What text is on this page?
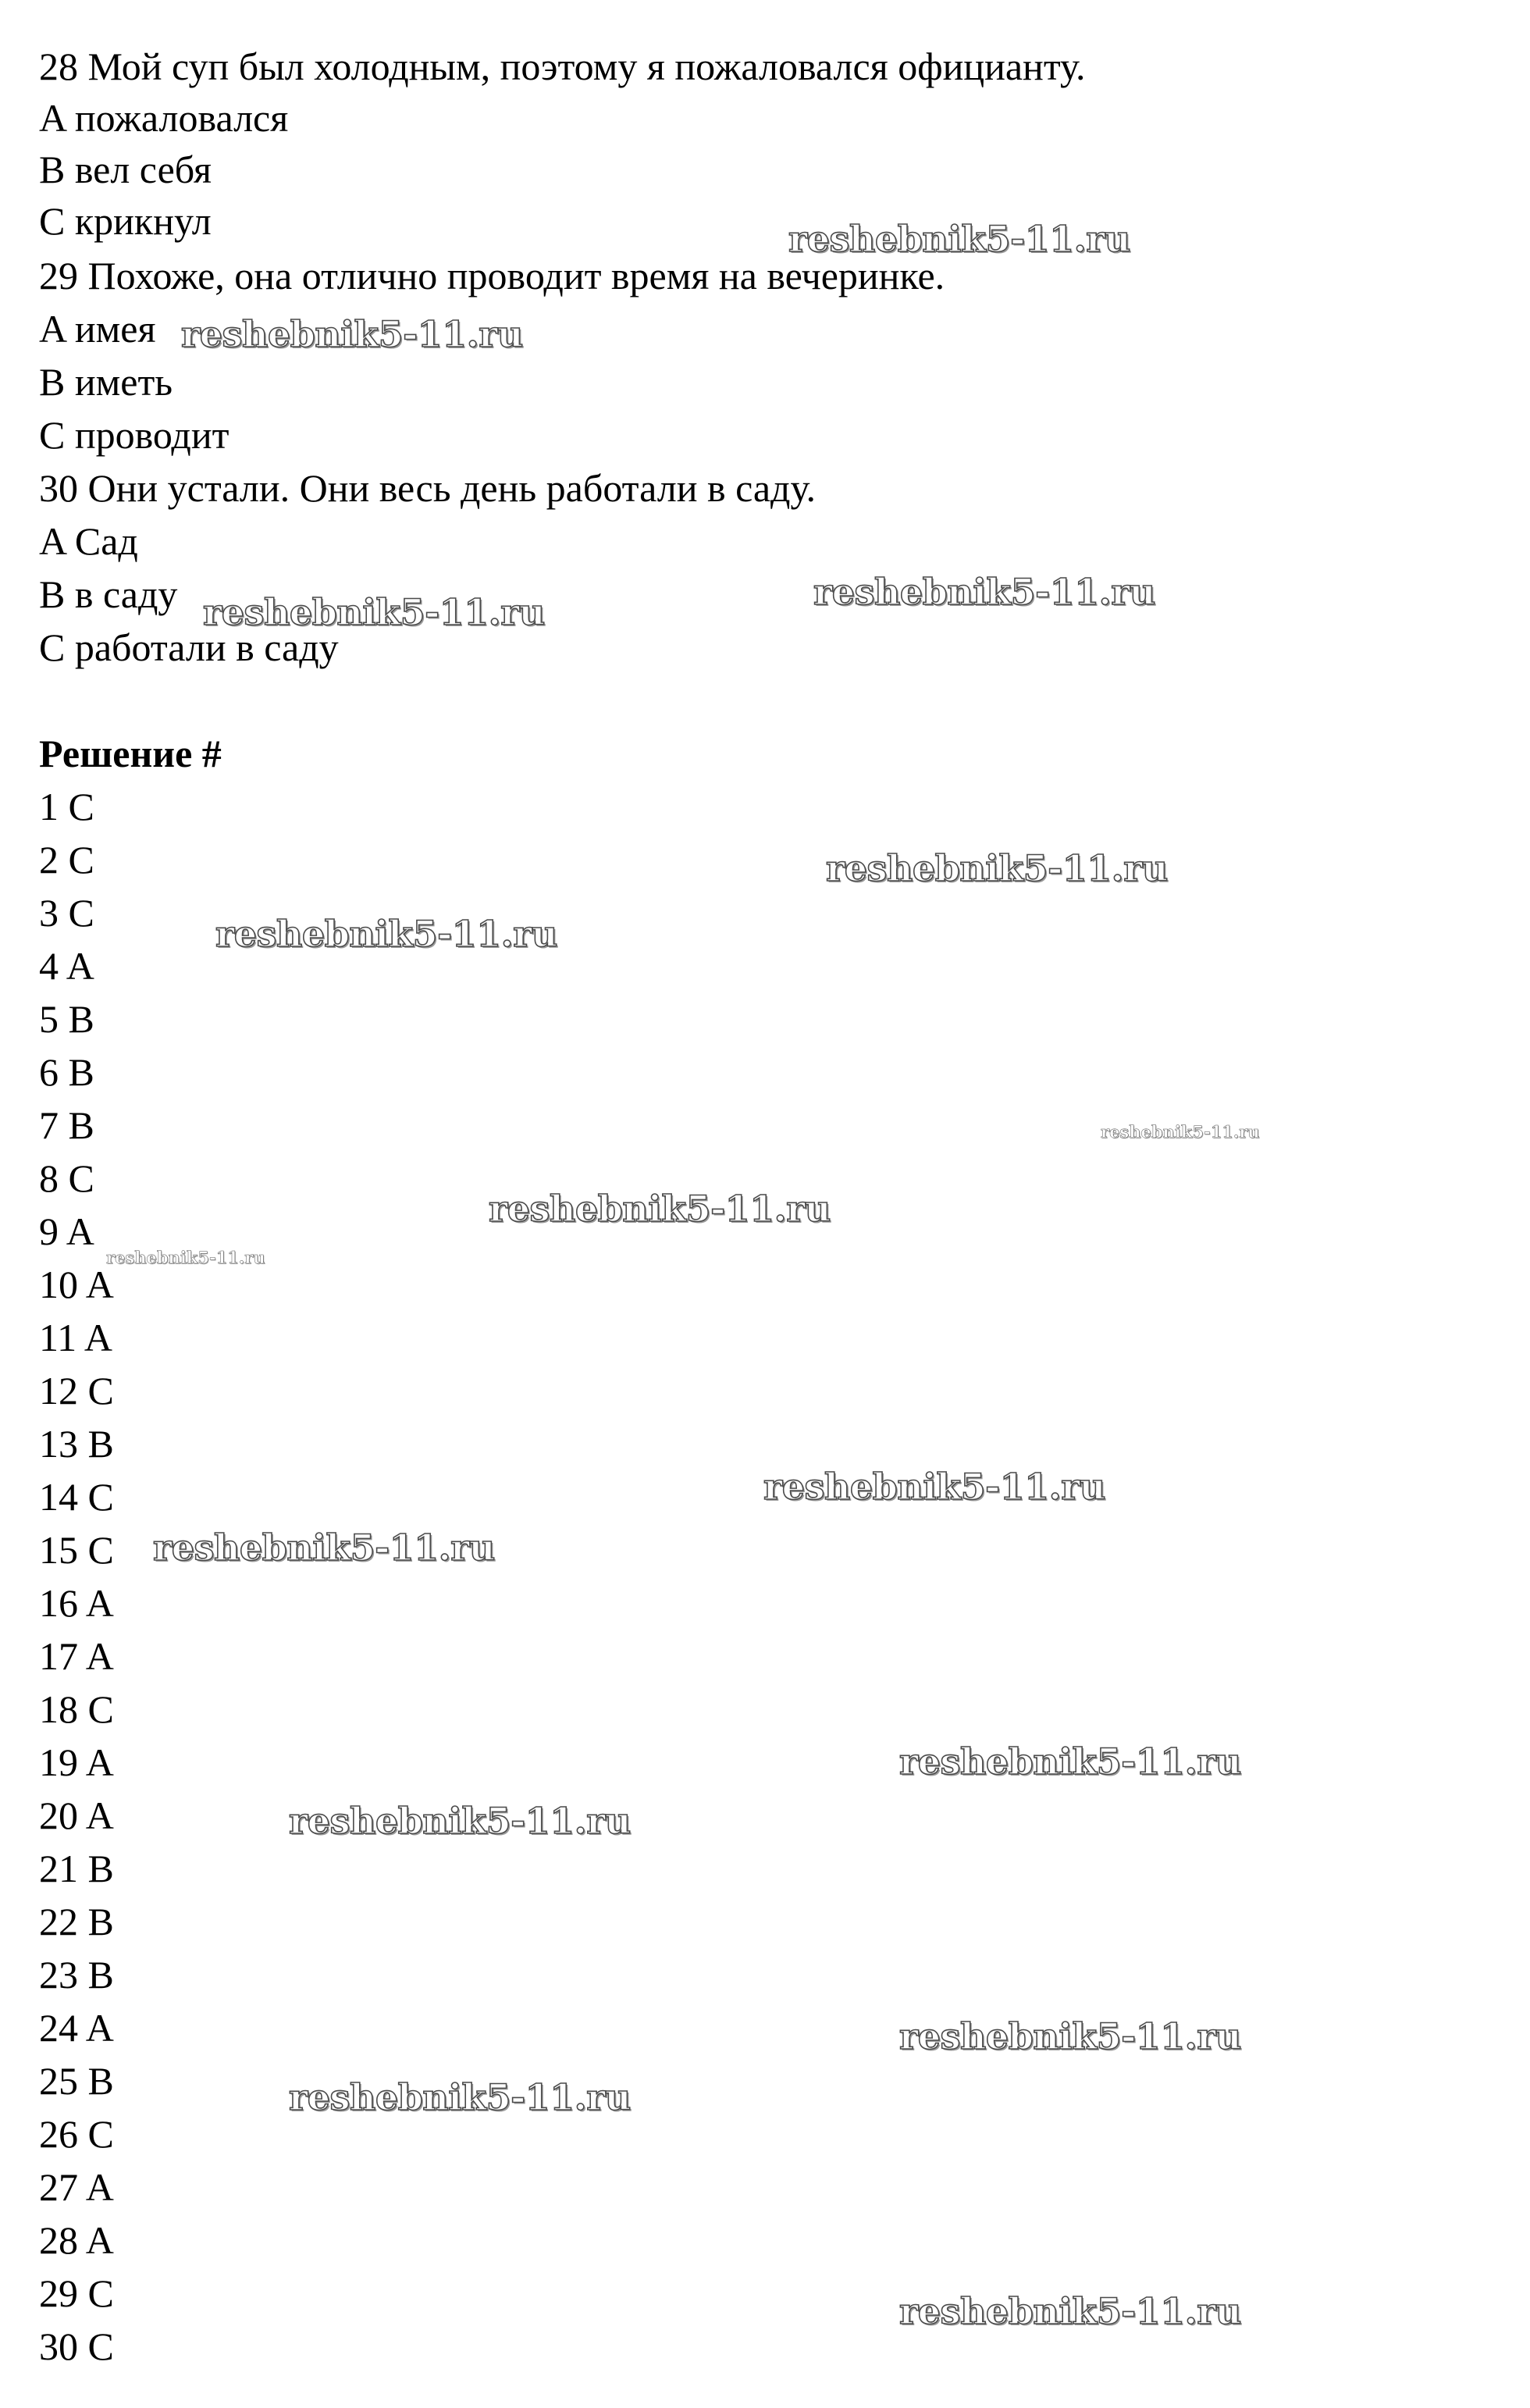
28 Мой суп был холодным, поэтому я пожаловался официанту.
A пожаловался
B вел себя
C крикнул
29 Похоже, она отлично проводит время на вечеринке.
A имея
B иметь
C проводит
30 Они устали. Они весь день работали в саду.
A Сад
B в саду
C работали в саду
Решение #
1 C
2 C
3 C
4 A
5 B
6 B
7 B
8 C
9 A
10 A
11 A
12 C
13 B
14 C
15 C
16 A
17 A
18 C
19 A
20 A
21 B
22 B
23 B
24 A
25 B
26 C
27 A
28 A
29 C
30 C
reshebnik5-11.ru
reshebnik5-11.ru
reshebnik5-11.ru	reshebnik5-11.ru
reshebnik5-11.ru
reshebnik5-11.ru
reshebnik5-11.ru
reshebnik5-11.ru
reshebnik5-11.ru
reshebnik5-11.ru
reshebnik5-11.ru
reshebnik5-11.ru
reshebnik5-11.ru
reshebnik5-11.ru
reshebnik5-11.ru
reshebnik5-11.ru
